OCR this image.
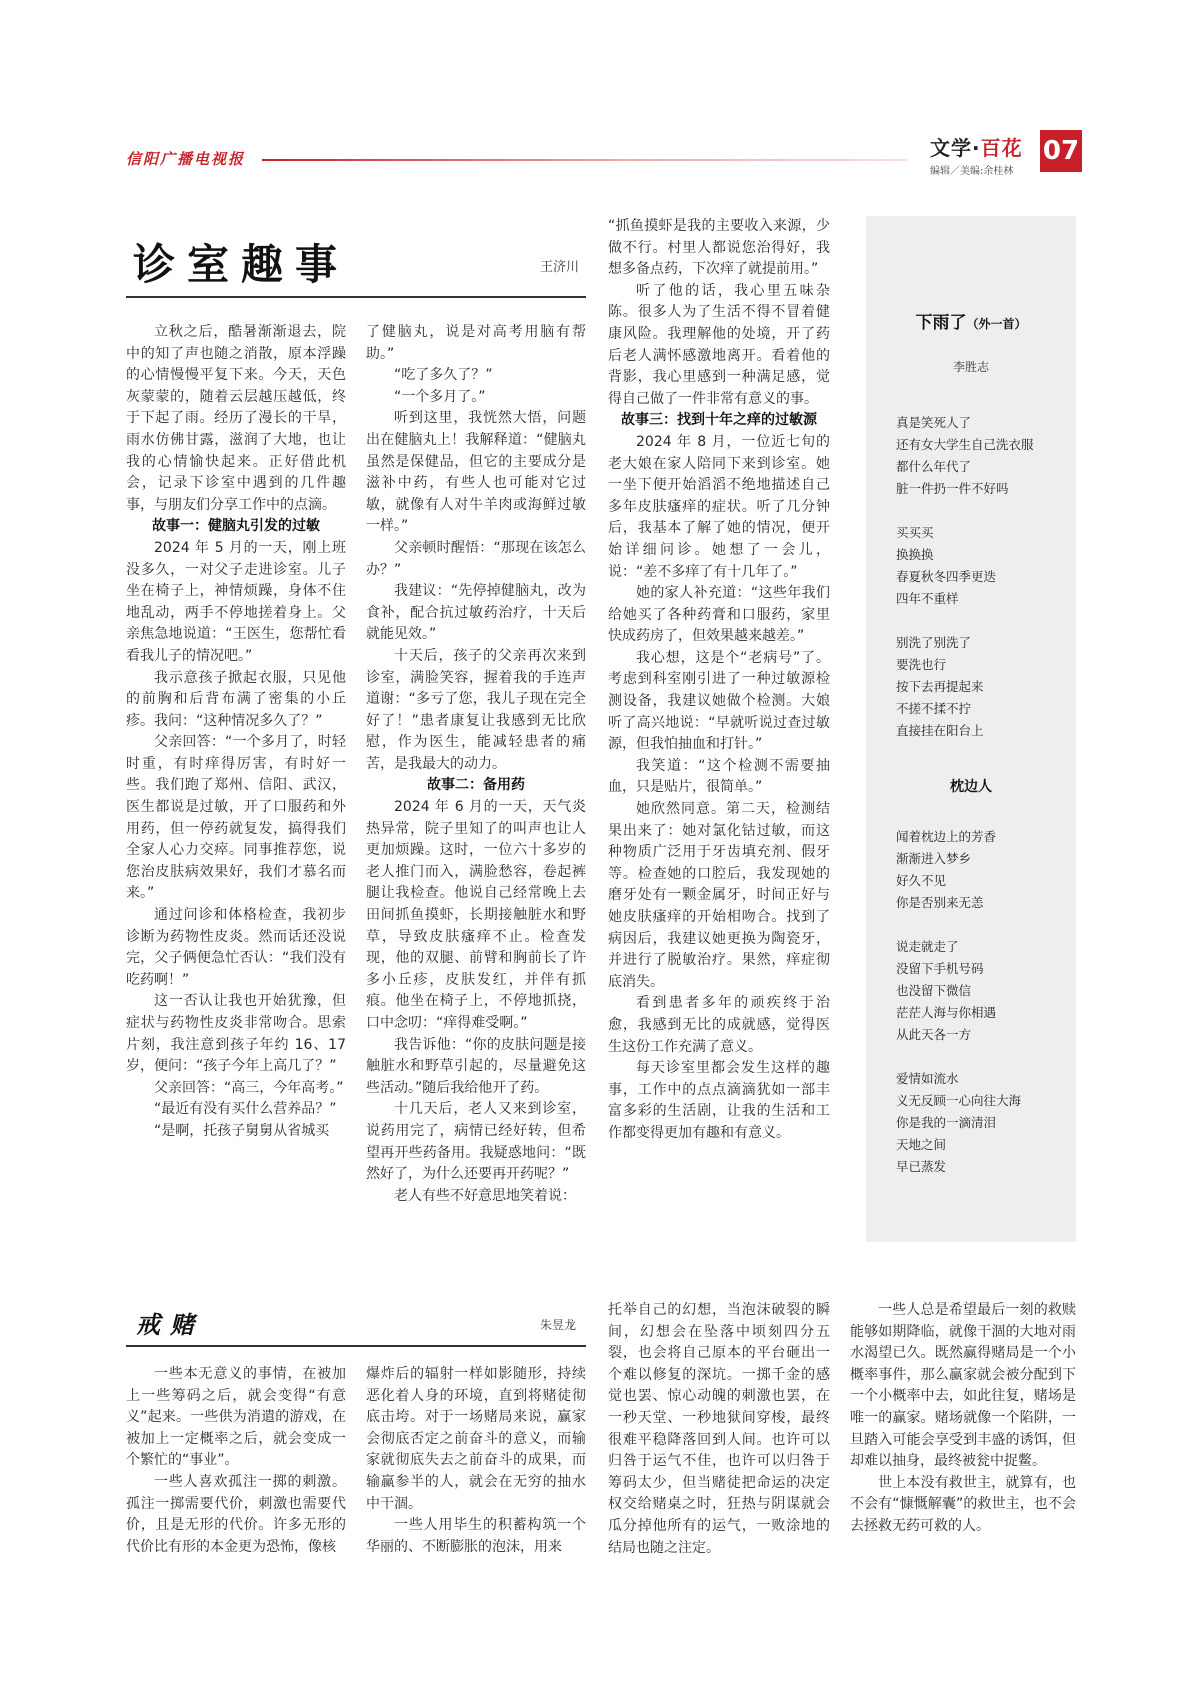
信阳广播电视报	文学·百花
编辑／美编:余桂林
07
诊室趣事	王济川

立秋之后，酷暑渐渐退去，院中的知了声也随之消散，原本浮躁的心情慢慢平复下来。今天，天色灰蒙蒙的，随着云层越压越低，终于下起了雨。经历了漫长的干旱，雨水仿佛甘露，滋润了大地，也让我的心情愉快起来。正好借此机会，记录下诊室中遇到的几件趣事，与朋友们分享工作中的点滴。

故事一：健脑丸引发的过敏

2024 年 5 月的一天，刚上班没多久，一对父子走进诊室。儿子坐在椅子上，神情烦躁，身体不住地乱动，两手不停地搓着身上。父亲焦急地说道：“王医生，您帮忙看看我儿子的情况吧。”

我示意孩子掀起衣服，只见他的前胸和后背布满了密集的小丘疹。我问：“这种情况多久了？”

父亲回答：“一个多月了，时轻时重，有时痒得厉害，有时好一些。我们跑了郑州、信阳、武汉，医生都说是过敏，开了口服药和外用药，但一停药就复发，搞得我们全家人心力交瘁。同事推荐您，说您治皮肤病效果好，我们才慕名而来。”

通过问诊和体格检查，我初步诊断为药物性皮炎。然而话还没说完，父子俩便急忙否认：“我们没有吃药啊！”

这一否认让我也开始犹豫，但症状与药物性皮炎非常吻合。思索片刻，我注意到孩子年约 16、17 岁，便问：“孩子今年上高几了？”

父亲回答：“高三，今年高考。”

“最近有没有买什么营养品？”

“是啊，托孩子舅舅从省城买

了健脑丸，说是对高考用脑有帮助。”

“吃了多久了？”

“一个多月了。”

听到这里，我恍然大悟，问题出在健脑丸上！我解释道：“健脑丸虽然是保健品，但它的主要成分是滋补中药，有些人也可能对它过敏，就像有人对牛羊肉或海鲜过敏一样。”

父亲顿时醒悟：“那现在该怎么办？”

我建议：“先停掉健脑丸，改为食补，配合抗过敏药治疗，十天后就能见效。”

十天后，孩子的父亲再次来到诊室，满脸笑容，握着我的手连声道谢：“多亏了您，我儿子现在完全好了！”患者康复让我感到无比欣慰，作为医生，能减轻患者的痛苦，是我最大的动力。

故事二：备用药

2024 年 6 月的一天，天气炎热异常，院子里知了的叫声也让人更加烦躁。这时，一位六十多岁的老人推门而入，满脸愁容，卷起裤腿让我检查。他说自己经常晚上去田间抓鱼摸虾，长期接触脏水和野草，导致皮肤瘙痒不止。检查发现，他的双腿、前臂和胸前长了许多小丘疹，皮肤发红，并伴有抓痕。他坐在椅子上，不停地抓挠，口中念叨：“痒得难受啊。”

我告诉他：“你的皮肤问题是接触脏水和野草引起的，尽量避免这些活动。”随后我给他开了药。

十几天后，老人又来到诊室，说药用完了，病情已经好转，但希望再开些药备用。我疑惑地问：“既然好了，为什么还要再开药呢？”

老人有些不好意思地笑着说：

“抓鱼摸虾是我的主要收入来源，少做不行。村里人都说您治得好，我想多备点药，下次痒了就提前用。”

听了他的话，我心里五味杂陈。很多人为了生活不得不冒着健康风险。我理解他的处境，开了药后老人满怀感激地离开。看着他的背影，我心里感到一种满足感，觉得自己做了一件非常有意义的事。

故事三：找到十年之痒的过敏源

2024 年 8 月，一位近七旬的老大娘在家人陪同下来到诊室。她一坐下便开始滔滔不绝地描述自己多年皮肤瘙痒的症状。听了几分钟后，我基本了解了她的情况，便开始详细问诊。她想了一会儿，说：“差不多痒了有十几年了。”

她的家人补充道：“这些年我们给她买了各种药膏和口服药，家里快成药房了，但效果越来越差。”

我心想，这是个“老病号”了。考虑到科室刚引进了一种过敏源检测设备，我建议她做个检测。大娘听了高兴地说：“早就听说过查过敏源，但我怕抽血和打针。”

我笑道：“这个检测不需要抽血，只是贴片，很简单。”

她欣然同意。第二天，检测结果出来了：她对氯化钴过敏，而这种物质广泛用于牙齿填充剂、假牙等。检查她的口腔后，我发现她的磨牙处有一颗金属牙，时间正好与她皮肤瘙痒的开始相吻合。找到了病因后，我建议她更换为陶瓷牙，并进行了脱敏治疗。果然，痒症彻底消失。

看到患者多年的顽疾终于治愈，我感到无比的成就感，觉得医生这份工作充满了意义。

每天诊室里都会发生这样的趣事，工作中的点点滴滴犹如一部丰富多彩的生活剧，让我的生活和工作都变得更加有趣和有意义。

下雨了（外一首）
李胜志
真是笑死人了
还有女大学生自己洗衣服
都什么年代了
脏一件扔一件不好吗
买买买
换换换
春夏秋冬四季更迭
四年不重样
别洗了别洗了
要洗也行
按下去再提起来
不搓不揉不拧
直接挂在阳台上
枕边人
闻着枕边上的芳香
渐渐进入梦乡
好久不见
你是否别来无恙
说走就走了
没留下手机号码
也没留下微信
茫茫人海与你相遇
从此天各一方
爱情如流水
义无反顾一心向往大海
你是我的一滴清泪
天地之间
早已蒸发
戒赌	朱昱龙

一些本无意义的事情，在被加上一些筹码之后，就会变得“有意义”起来。一些供为消遣的游戏，在被加上一定概率之后，就会变成一个繁忙的“事业”。

一些人喜欢孤注一掷的刺激。孤注一掷需要代价，刺激也需要代价，且是无形的代价。许多无形的代价比有形的本金更为恐怖，像核

爆炸后的辐射一样如影随形，持续恶化着人身的环境，直到将赌徒彻底击垮。对于一场赌局来说，赢家会彻底否定之前奋斗的意义，而输家就彻底失去之前奋斗的成果，而输赢参半的人，就会在无穷的抽水中干涸。

一些人用毕生的积蓄构筑一个华丽的、不断膨胀的泡沫，用来

托举自己的幻想，当泡沫破裂的瞬间，幻想会在坠落中顷刻四分五裂，也会将自己原本的平台砸出一个难以修复的深坑。一掷千金的感觉也罢、惊心动魄的刺激也罢，在一秒天堂、一秒地狱间穿梭，最终很难平稳降落回到人间。也许可以归咎于运气不佳，也许可以归咎于筹码太少，但当赌徒把命运的决定权交给赌桌之时，狂热与阴谋就会瓜分掉他所有的运气，一败涂地的结局也随之注定。

一些人总是希望最后一刻的救赎能够如期降临，就像干涸的大地对雨水渴望已久。既然赢得赌局是一个小概率事件，那么赢家就会被分配到下一个小概率中去，如此往复，赌场是唯一的赢家。赌场就像一个陷阱，一旦踏入可能会享受到丰盛的诱饵，但却难以抽身，最终被瓮中捉鳖。

世上本没有救世主，就算有，也不会有“慷慨解囊”的救世主，也不会去拯救无药可救的人。
